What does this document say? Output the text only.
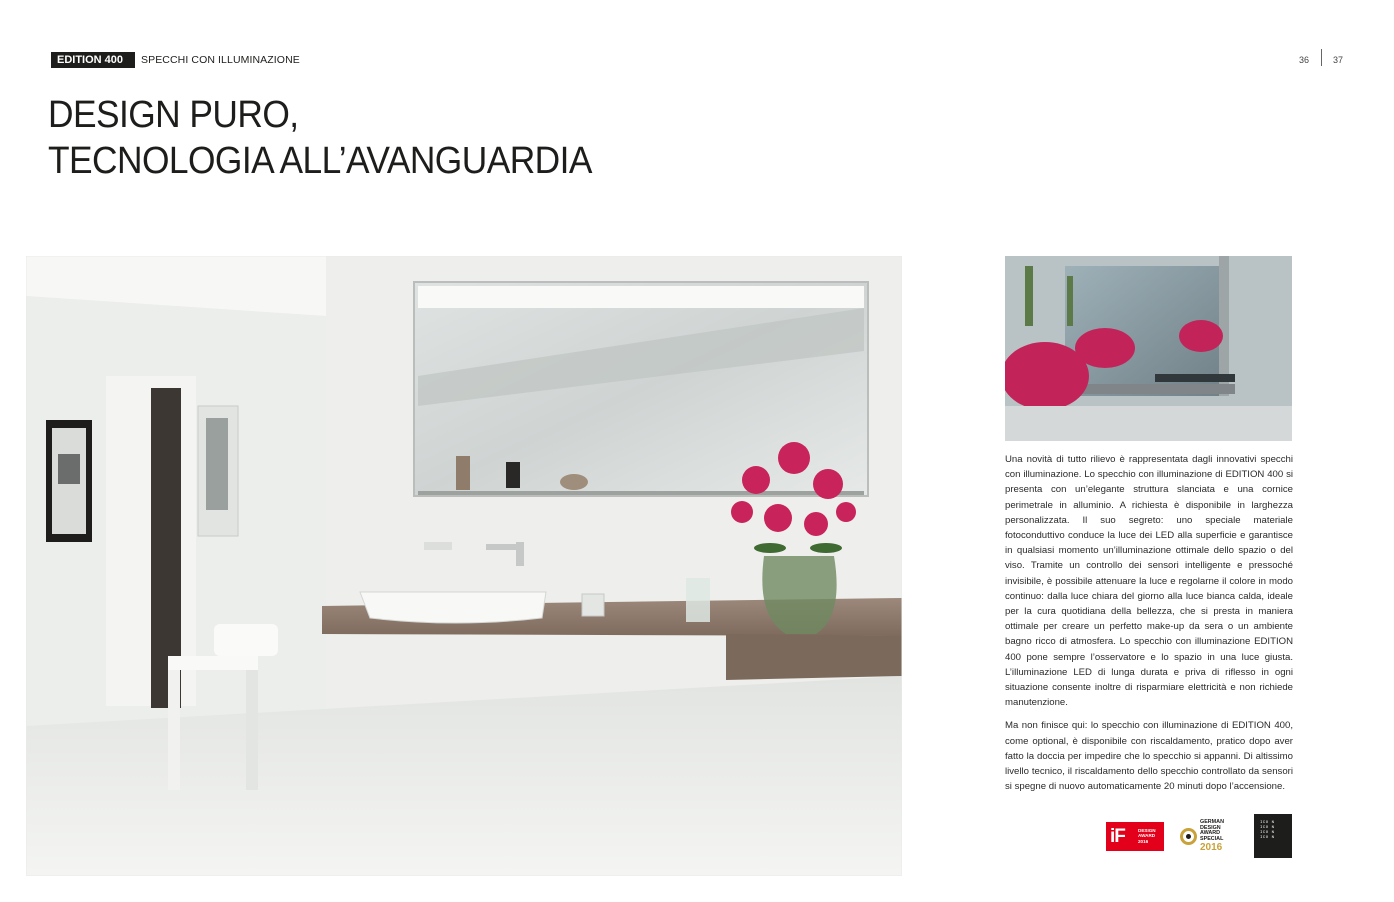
EDITION 400	SPECCHI CON ILLUMINAZIONE	36	37
DESIGN PURO,
TECNOLOGIA ALL’AVANGUARDIA

Una novità di tutto rilievo è rappresentata dagli innovativi specchi con illuminazione. Lo specchio con illuminazione di EDITION 400 si presenta con un’elegante struttura slanciata e una cornice perimetrale in alluminio. A richiesta è disponibile in larghezza personalizzata. Il suo segreto: uno speciale materiale fotoconduttivo conduce la luce dei LED alla superficie e garantisce in qualsiasi momento un’illuminazione ottimale dello spazio o del viso. Tramite un controllo dei sensori intelligente e pressoché invisibile, è possibile attenuare la luce e regolarne il colore in modo continuo: dalla luce chiara del giorno alla luce bianca calda, ideale per la cura quotidiana della bellezza, che si presta in maniera ottimale per creare un perfetto make-up da sera o un ambiente bagno ricco di atmosfera. Lo specchio con illuminazione EDITION 400 pone sempre l’osservatore e lo spazio in una luce giusta. L’illuminazione LED di lunga durata e priva di riflesso in ogni situazione consente inoltre di risparmiare elettricità e non richiede manutenzione.

Ma non finisce qui: lo specchio con illuminazione di EDITION 400, come optional, è disponibile con riscaldamento, pratico dopo aver fatto la doccia per impedire che lo specchio si appanni. Di altissimo livello tecnico, il riscaldamento dello specchio controllato da sensori si spegne di nuovo automaticamente 20 minuti dopo l’accensione.

iF	DESIGN
AWARD
2016
GERMAN
DESIGN
AWARD
SPECIAL
2016
ICO N
ICO N
ICO N
ICO N
